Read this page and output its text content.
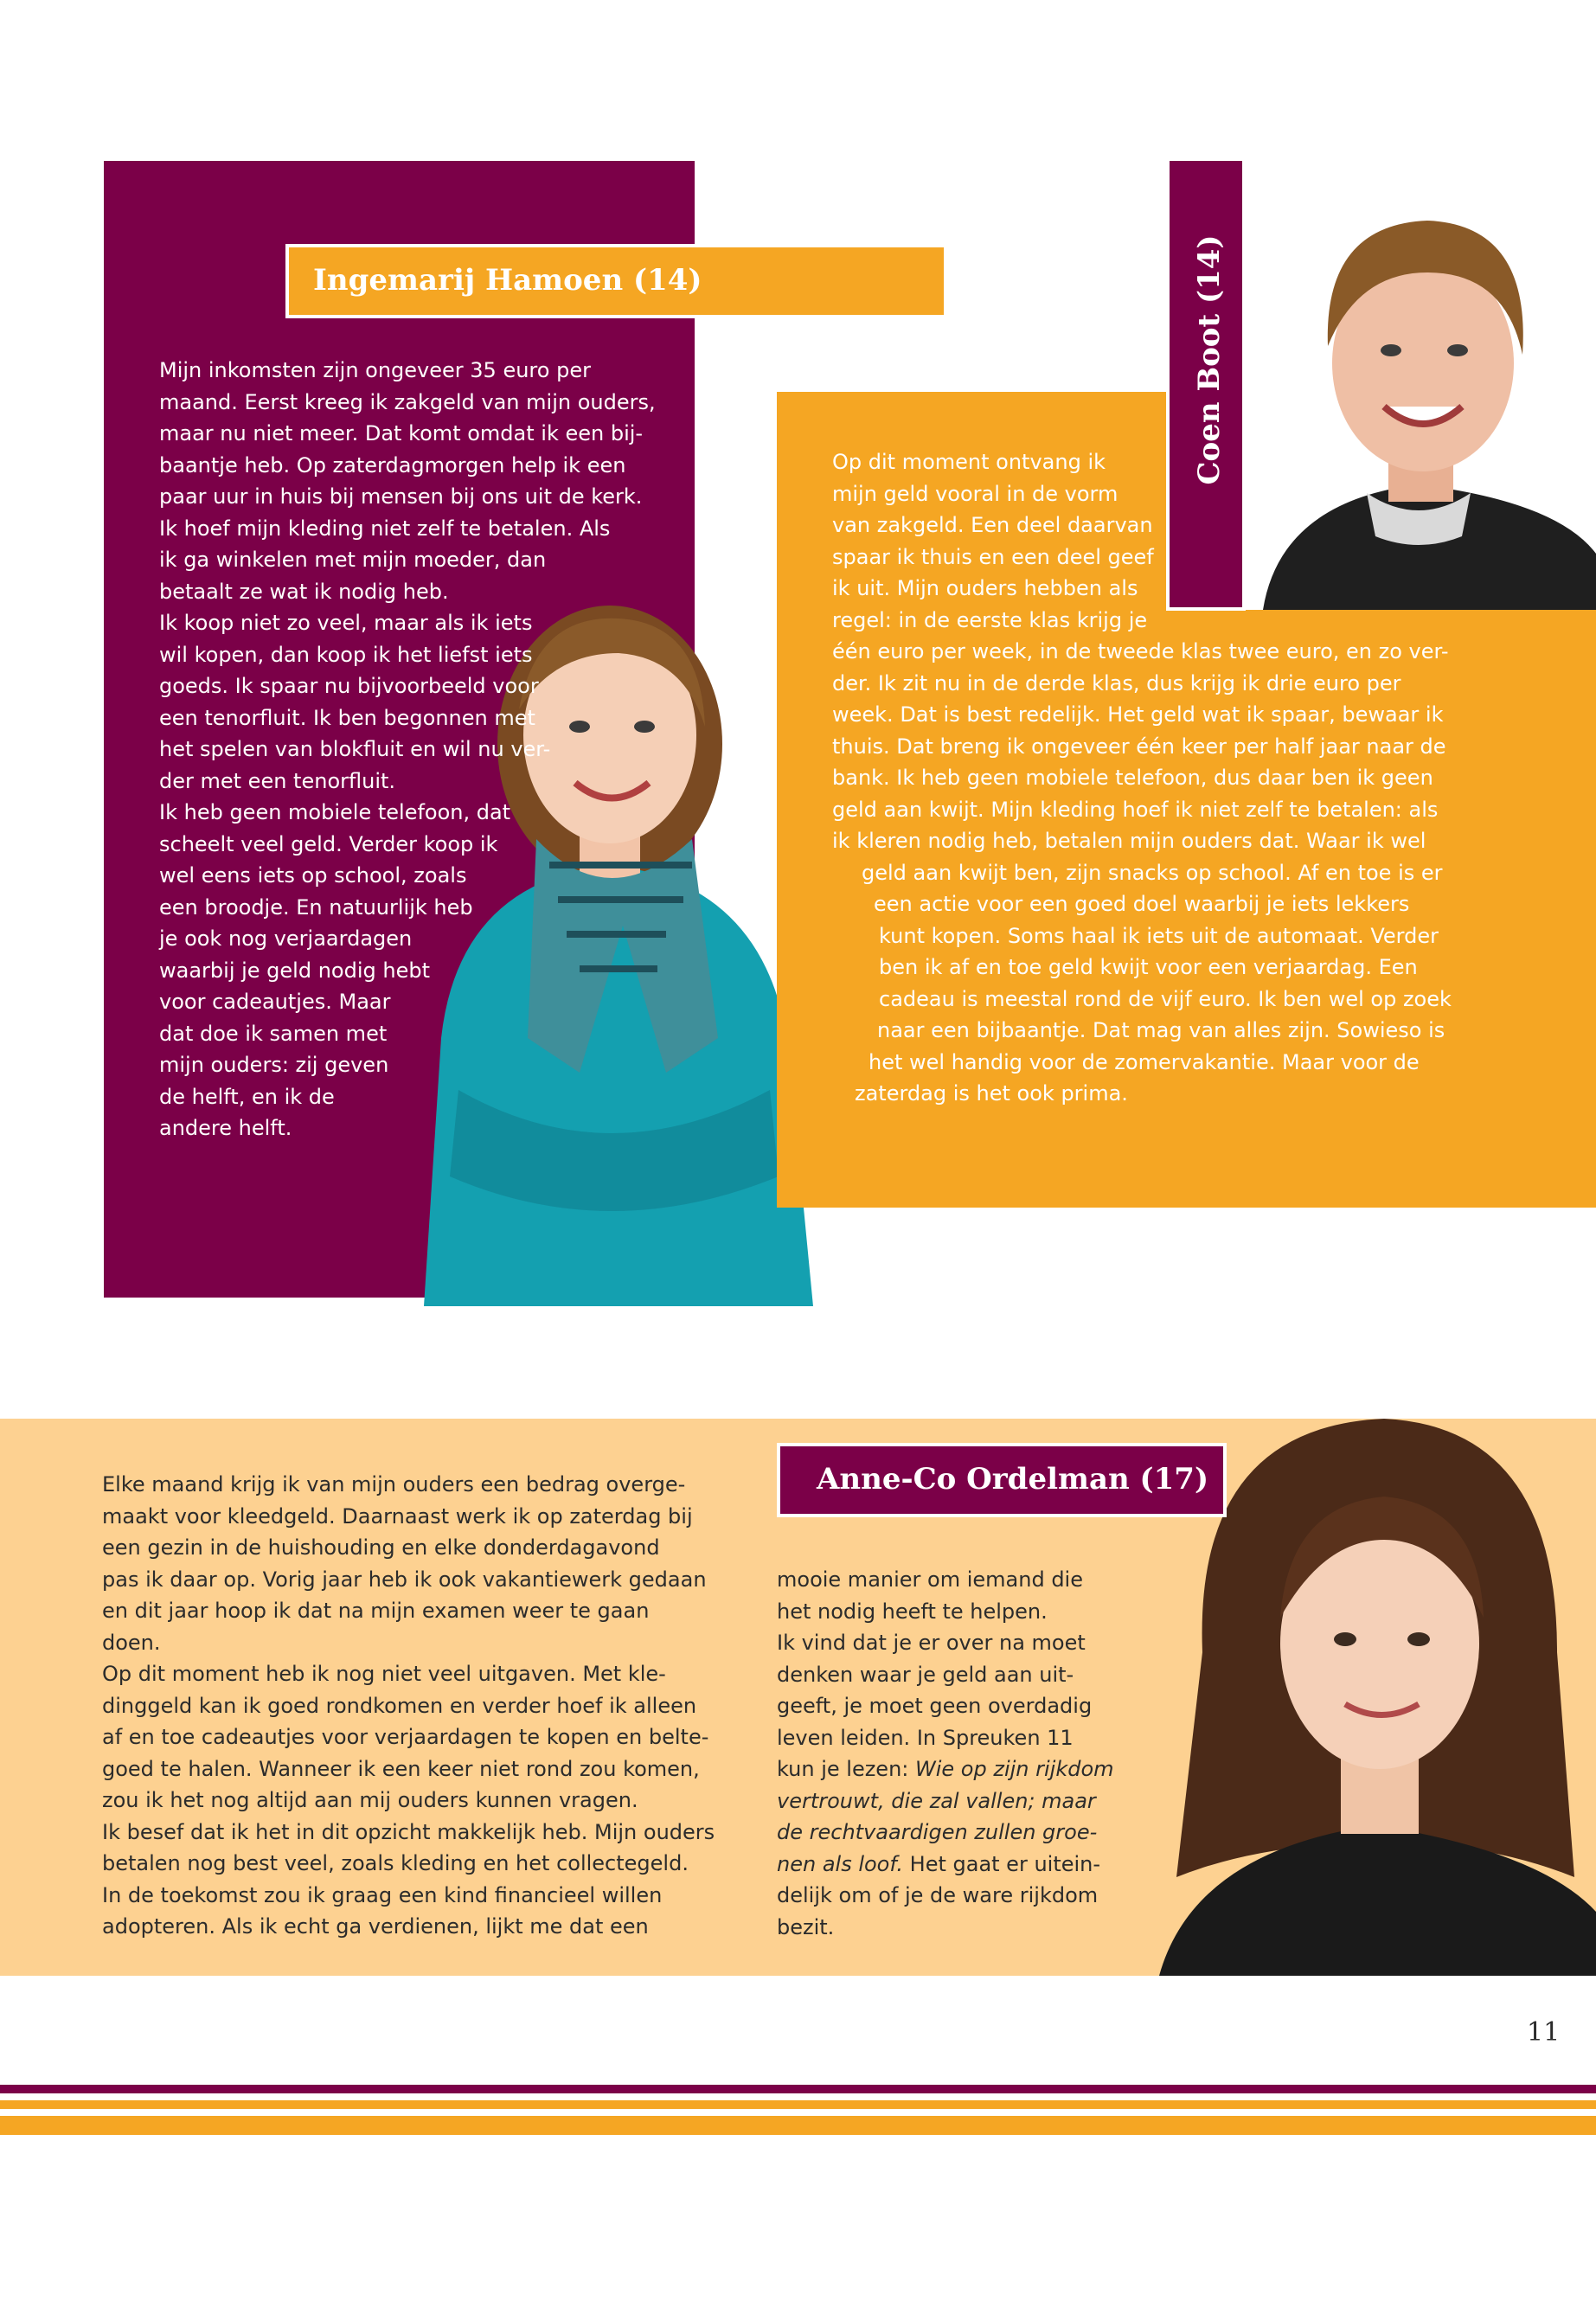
Ingemarij Hamoen (14)
Mijn inkomsten zijn ongeveer 35 euro per
maand. Eerst kreeg ik zakgeld van mijn ouders,
maar nu niet meer. Dat komt omdat ik een bij-
baantje heb. Op zaterdagmorgen help ik een
paar uur in huis bij mensen bij ons uit de kerk.
Ik hoef mijn kleding niet zelf te betalen. Als
ik ga winkelen met mijn moeder, dan
betaalt ze wat ik nodig heb.
Ik koop niet zo veel, maar als ik iets
wil kopen, dan koop ik het liefst iets
goeds. Ik spaar nu bijvoorbeeld voor
een tenorfluit. Ik ben begonnen met
het spelen van blokfluit en wil nu ver-
der met een tenorfluit.
Ik heb geen mobiele telefoon, dat
scheelt veel geld. Verder koop ik
wel eens iets op school, zoals
een broodje. En natuurlijk heb
je ook nog verjaardagen
waarbij je geld nodig hebt
voor cadeautjes. Maar
dat doe ik samen met
mijn ouders: zij geven
de helft, en ik de
andere helft.
Coen Boot (14)
Op dit moment ontvang ik
mijn geld vooral in de vorm
van zakgeld. Een deel daarvan
spaar ik thuis en een deel geef
ik uit. Mijn ouders hebben als
regel: in de eerste klas krijg je
één euro per week, in de tweede klas twee euro, en zo ver-
der. Ik zit nu in de derde klas, dus krijg ik drie euro per
week. Dat is best redelijk. Het geld wat ik spaar, bewaar ik
thuis. Dat breng ik ongeveer één keer per half jaar naar de
bank. Ik heb geen mobiele telefoon, dus daar ben ik geen
geld aan kwijt. Mijn kleding hoef ik niet zelf te betalen: als
ik kleren nodig heb, betalen mijn ouders dat. Waar ik wel
geld aan kwijt ben, zijn snacks op school. Af en toe is er
een actie voor een goed doel waarbij je iets lekkers
kunt kopen. Soms haal ik iets uit de automaat. Verder
ben ik af en toe geld kwijt voor een verjaardag. Een
cadeau is meestal rond de vijf euro. Ik ben wel op zoek
naar een bijbaantje. Dat mag van alles zijn. Sowieso is
het wel handig voor de zomervakantie. Maar voor de
zaterdag is het ook prima.
Anne-Co Ordelman (17)
Elke maand krijg ik van mijn ouders een bedrag overge-
maakt voor kleedgeld. Daarnaast werk ik op zaterdag bij
een gezin in de huishouding en elke donderdagavond
pas ik daar op. Vorig jaar heb ik ook vakantiewerk gedaan
en dit jaar hoop ik dat na mijn examen weer te gaan
doen.
Op dit moment heb ik nog niet veel uitgaven. Met kle-
dinggeld kan ik goed rondkomen en verder hoef ik alleen
af en toe cadeautjes voor verjaardagen te kopen en belte-
goed te halen. Wanneer ik een keer niet rond zou komen,
zou ik het nog altijd aan mij ouders kunnen vragen.
Ik besef dat ik het in dit opzicht makkelijk heb. Mijn ouders
betalen nog best veel, zoals kleding en het collectegeld.
In de toekomst zou ik graag een kind financieel willen
adopteren. Als ik echt ga verdienen, lijkt me dat een
mooie manier om iemand die
het nodig heeft te helpen.
Ik vind dat je er over na moet
denken waar je geld aan uit-
geeft, je moet geen overdadig
leven leiden. In Spreuken 11
kun je lezen: Wie op zijn rijkdom
vertrouwt, die zal vallen; maar
de rechtvaardigen zullen groe-
nen als loof. Het gaat er uitein-
delijk om of je de ware rijkdom
bezit.
11
